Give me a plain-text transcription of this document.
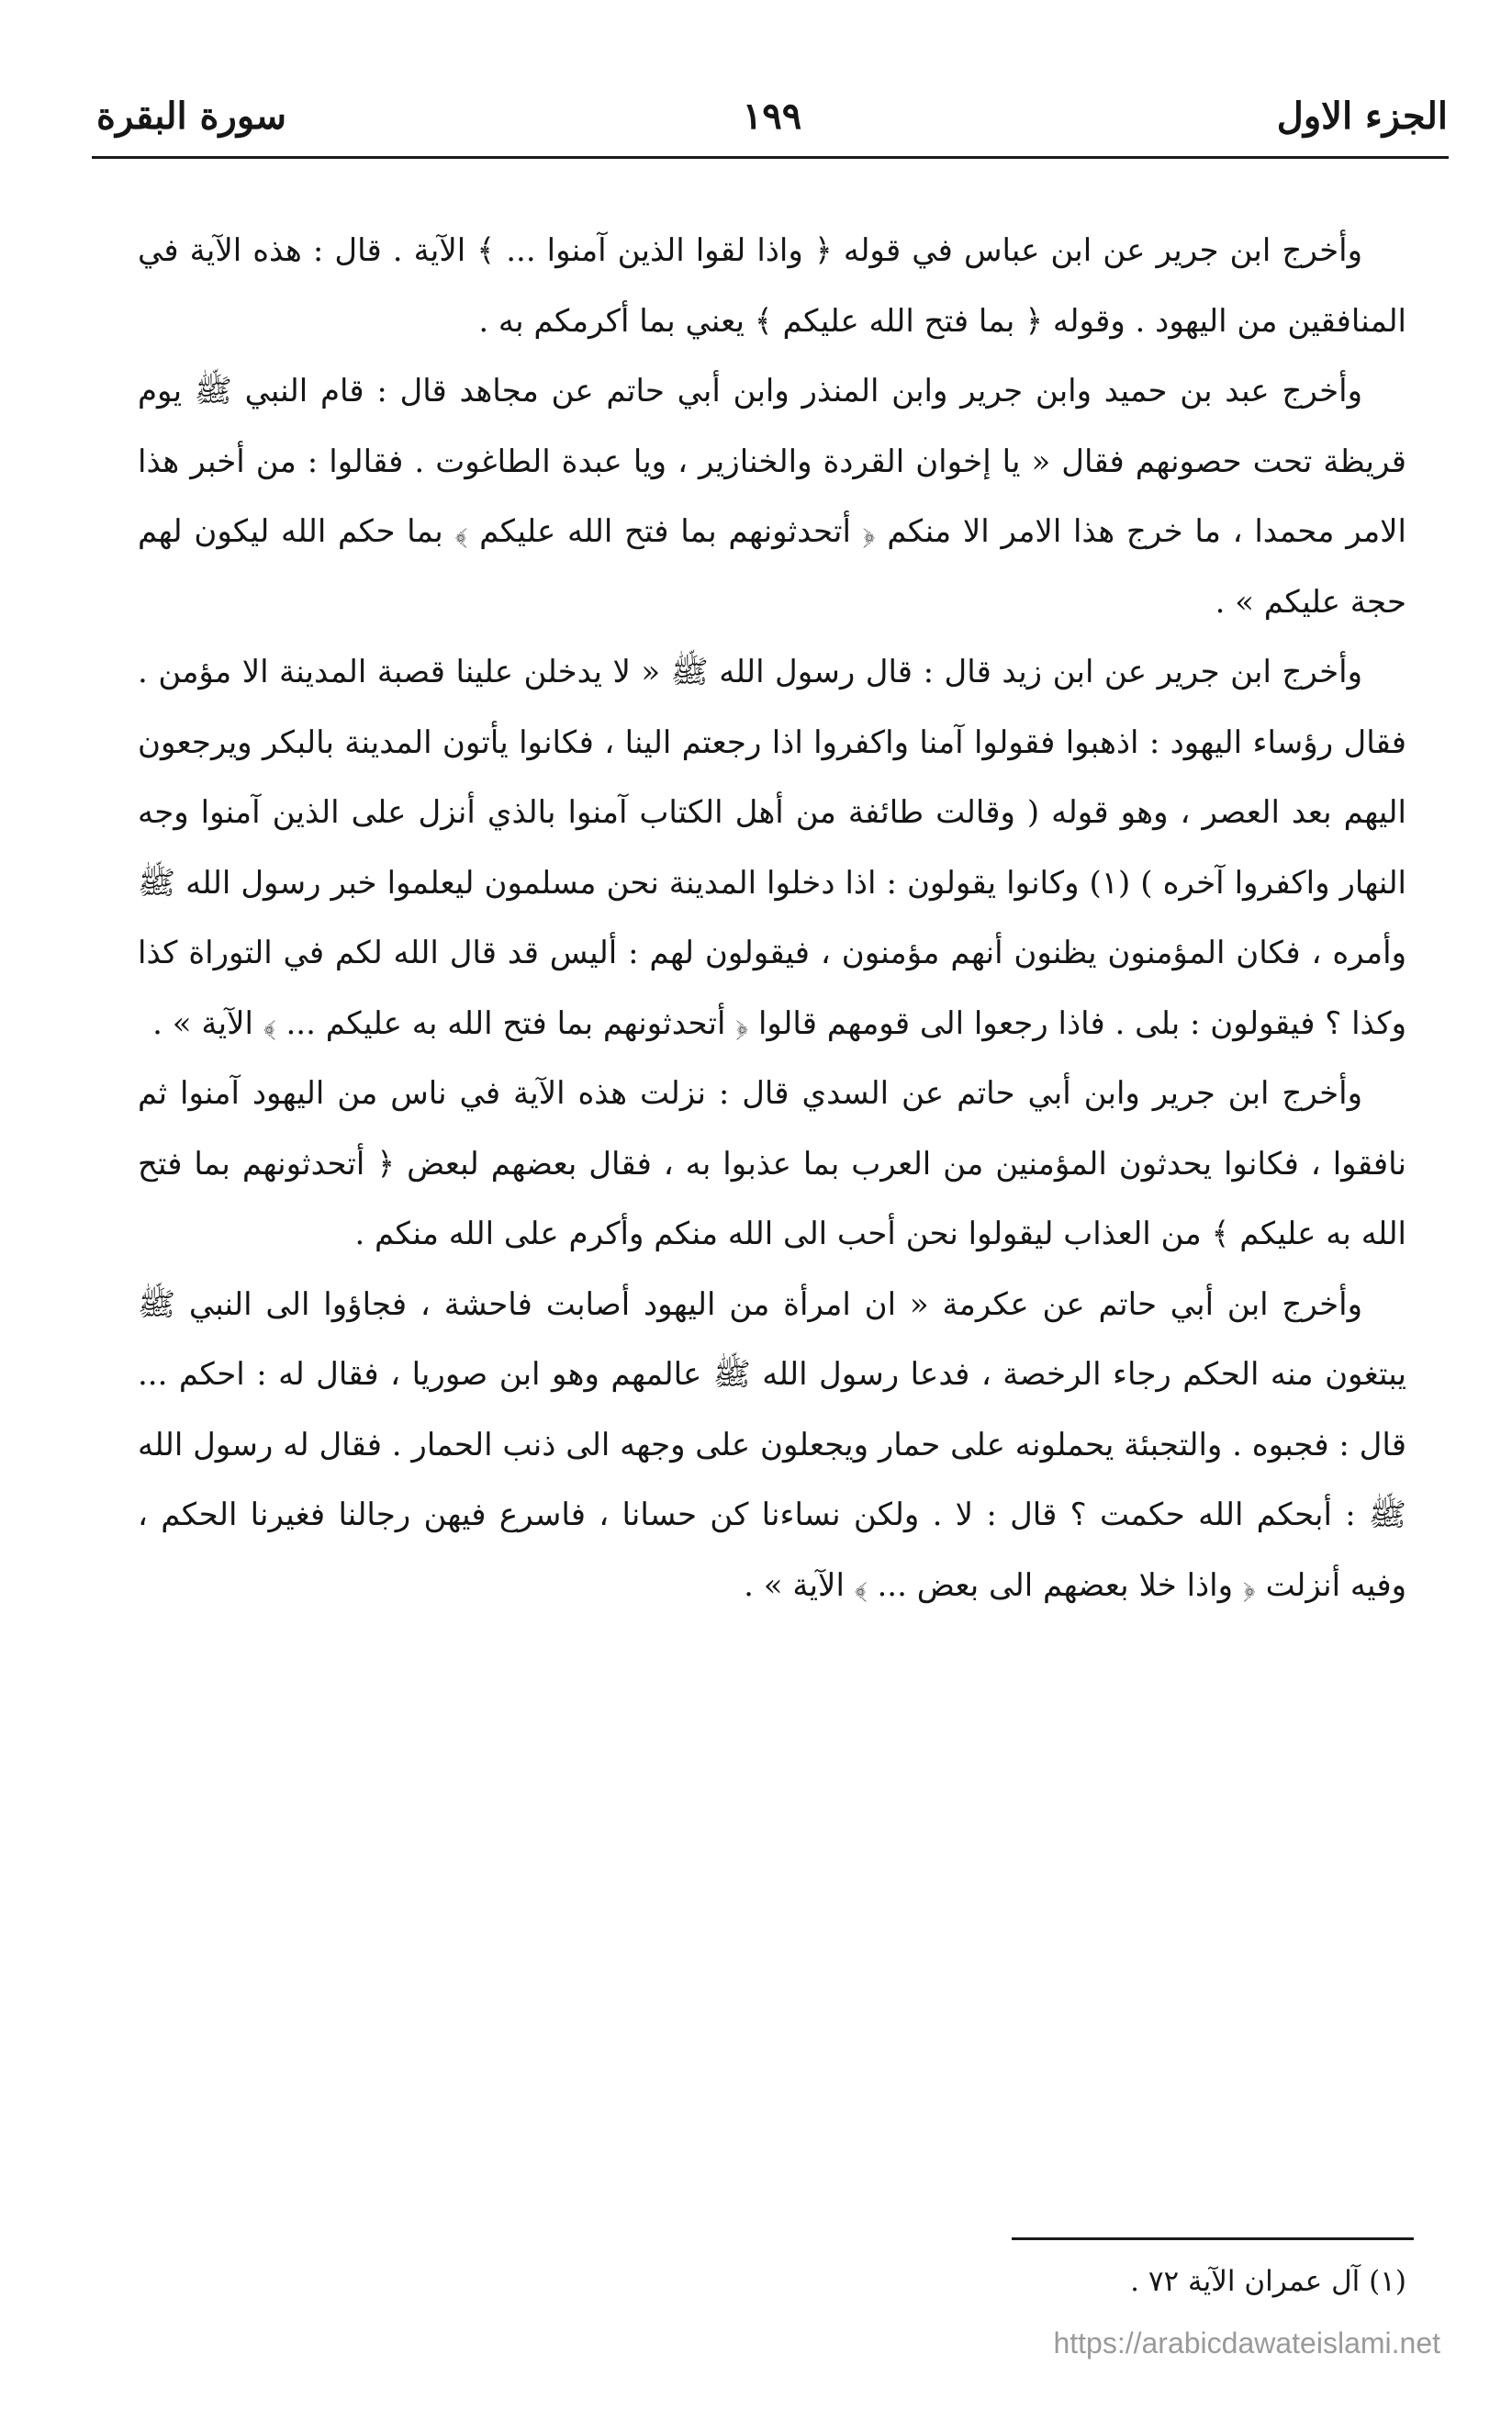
الجزء الاول
١٩٩
سورة البقرة

وأخرج ابن جرير عن ابن عباس في قوله ﴿ واذا لقوا الذين آمنوا ... ﴾ الآية . قال : هذه الآية في المنافقين من اليهود . وقوله ﴿ بما فتح الله عليكم ﴾ يعني بما أكرمكم به .

وأخرج عبد بن حميد وابن جرير وابن المنذر وابن أبي حاتم عن مجاهد قال : قام النبي ﷺ يوم قريظة تحت حصونهم فقال « يا إخوان القردة والخنازير ، ويا عبدة الطاغوت . فقالوا : من أخبر هذا الامر محمدا ، ما خرج هذا الامر الا منكم ﴿ أتحدثونهم بما فتح الله عليكم ﴾ بما حكم الله ليكون لهم حجة عليكم » .

وأخرج ابن جرير عن ابن زيد قال : قال رسول الله ﷺ « لا يدخلن علينا قصبة المدينة الا مؤمن . فقال رؤساء اليهود : اذهبوا فقولوا آمنا واكفروا اذا رجعتم الينا ، فكانوا يأتون المدينة بالبكر ويرجعون اليهم بعد العصر ، وهو قوله ( وقالت طائفة من أهل الكتاب آمنوا بالذي أنزل على الذين آمنوا وجه النهار واكفروا آخره ) (١) وكانوا يقولون : اذا دخلوا المدينة نحن مسلمون ليعلموا خبر رسول الله ﷺ وأمره ، فكان المؤمنون يظنون أنهم مؤمنون ، فيقولون لهم : أليس قد قال الله لكم في التوراة كذا وكذا ؟ فيقولون : بلى . فاذا رجعوا الى قومهم قالوا ﴿ أتحدثونهم بما فتح الله به عليكم ... ﴾ الآية » .

وأخرج ابن جرير وابن أبي حاتم عن السدي قال : نزلت هذه الآية في ناس من اليهود آمنوا ثم نافقوا ، فكانوا يحدثون المؤمنين من العرب بما عذبوا به ، فقال بعضهم لبعض ﴿ أتحدثونهم بما فتح الله به عليكم ﴾ من العذاب ليقولوا نحن أحب الى الله منكم وأكرم على الله منكم .

وأخرج ابن أبي حاتم عن عكرمة « ان امرأة من اليهود أصابت فاحشة ، فجاؤوا الى النبي ﷺ يبتغون منه الحكم رجاء الرخصة ، فدعا رسول الله ﷺ عالمهم وهو ابن صوريا ، فقال له : احكم ... قال : فجبوه . والتجبئة يحملونه على حمار ويجعلون على وجهه الى ذنب الحمار . فقال له رسول الله ﷺ : أبحكم الله حكمت ؟ قال : لا . ولكن نساءنا كن حسانا ، فاسرع فيهن رجالنا فغيرنا الحكم ، وفيه أنزلت ﴿ واذا خلا بعضهم الى بعض ... ﴾ الآية » .

(١) آل عمران الآية ٧٢ .
https://arabicdawateislami.net
